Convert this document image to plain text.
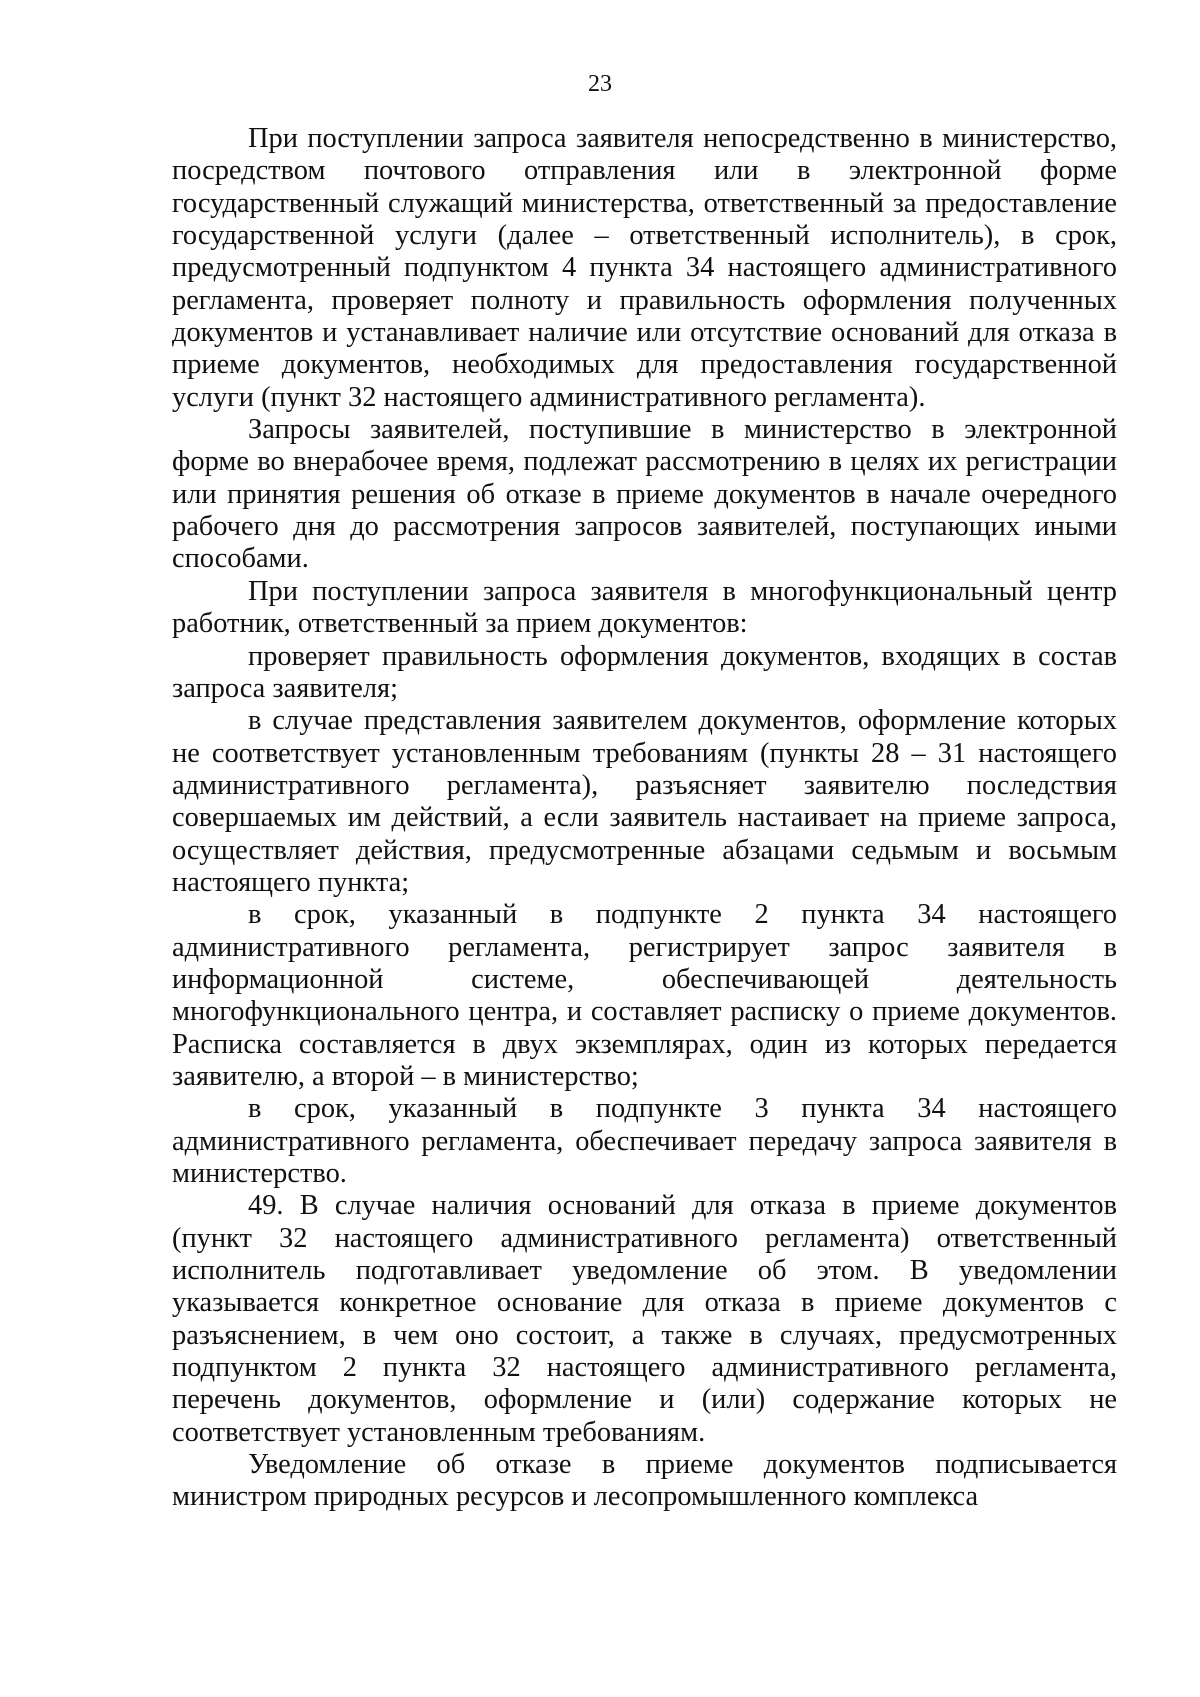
23

При поступлении запроса заявителя непосредственно в министерство, посредством почтового отправления или в электронной форме государственный служащий министерства, ответственный за предоставление государственной услуги (далее – ответственный исполнитель), в срок, предусмотренный подпунктом 4 пункта 34 настоящего административного регламента, проверяет полноту и правильность оформления полученных документов и устанавливает наличие или отсутствие оснований для отказа в приеме документов, необходимых для предоставления государственной услуги (пункт 32 настоящего административного регламента).

Запросы заявителей, поступившие в министерство в электронной форме во внерабочее время, подлежат рассмотрению в целях их регистрации или принятия решения об отказе в приеме документов в начале очередного рабочего дня до рассмотрения запросов заявителей, поступающих иными способами.

При поступлении запроса заявителя в многофункциональный центр работник, ответственный за прием документов:

проверяет правильность оформления документов, входящих в состав запроса заявителя;

в случае представления заявителем документов, оформление которых не соответствует установленным требованиям (пункты 28 – 31 настоящего административного регламента), разъясняет заявителю последствия совершаемых им действий, а если заявитель настаивает на приеме запроса, осуществляет действия, предусмотренные абзацами седьмым и восьмым настоящего пункта;

в срок, указанный в подпункте 2 пункта 34 настоящего административного регламента, регистрирует запрос заявителя в информационной системе, обеспечивающей деятельность многофункционального центра, и составляет расписку о приеме документов. Расписка составляется в двух экземплярах, один из которых передается заявителю, а второй – в министерство;

в срок, указанный в подпункте 3 пункта 34 настоящего административного регламента, обеспечивает передачу запроса заявителя в министерство.

49. В случае наличия оснований для отказа в приеме документов (пункт 32 настоящего административного регламента) ответственный исполнитель подготавливает уведомление об этом. В уведомлении указывается конкретное основание для отказа в приеме документов с разъяснением, в чем оно состоит, а также в случаях, предусмотренных подпунктом 2 пункта 32 настоящего административного регламента, перечень документов, оформление и (или) содержание которых не соответствует установленным требованиям.

Уведомление об отказе в приеме документов подписывается министром природных ресурсов и лесопромышленного комплекса
